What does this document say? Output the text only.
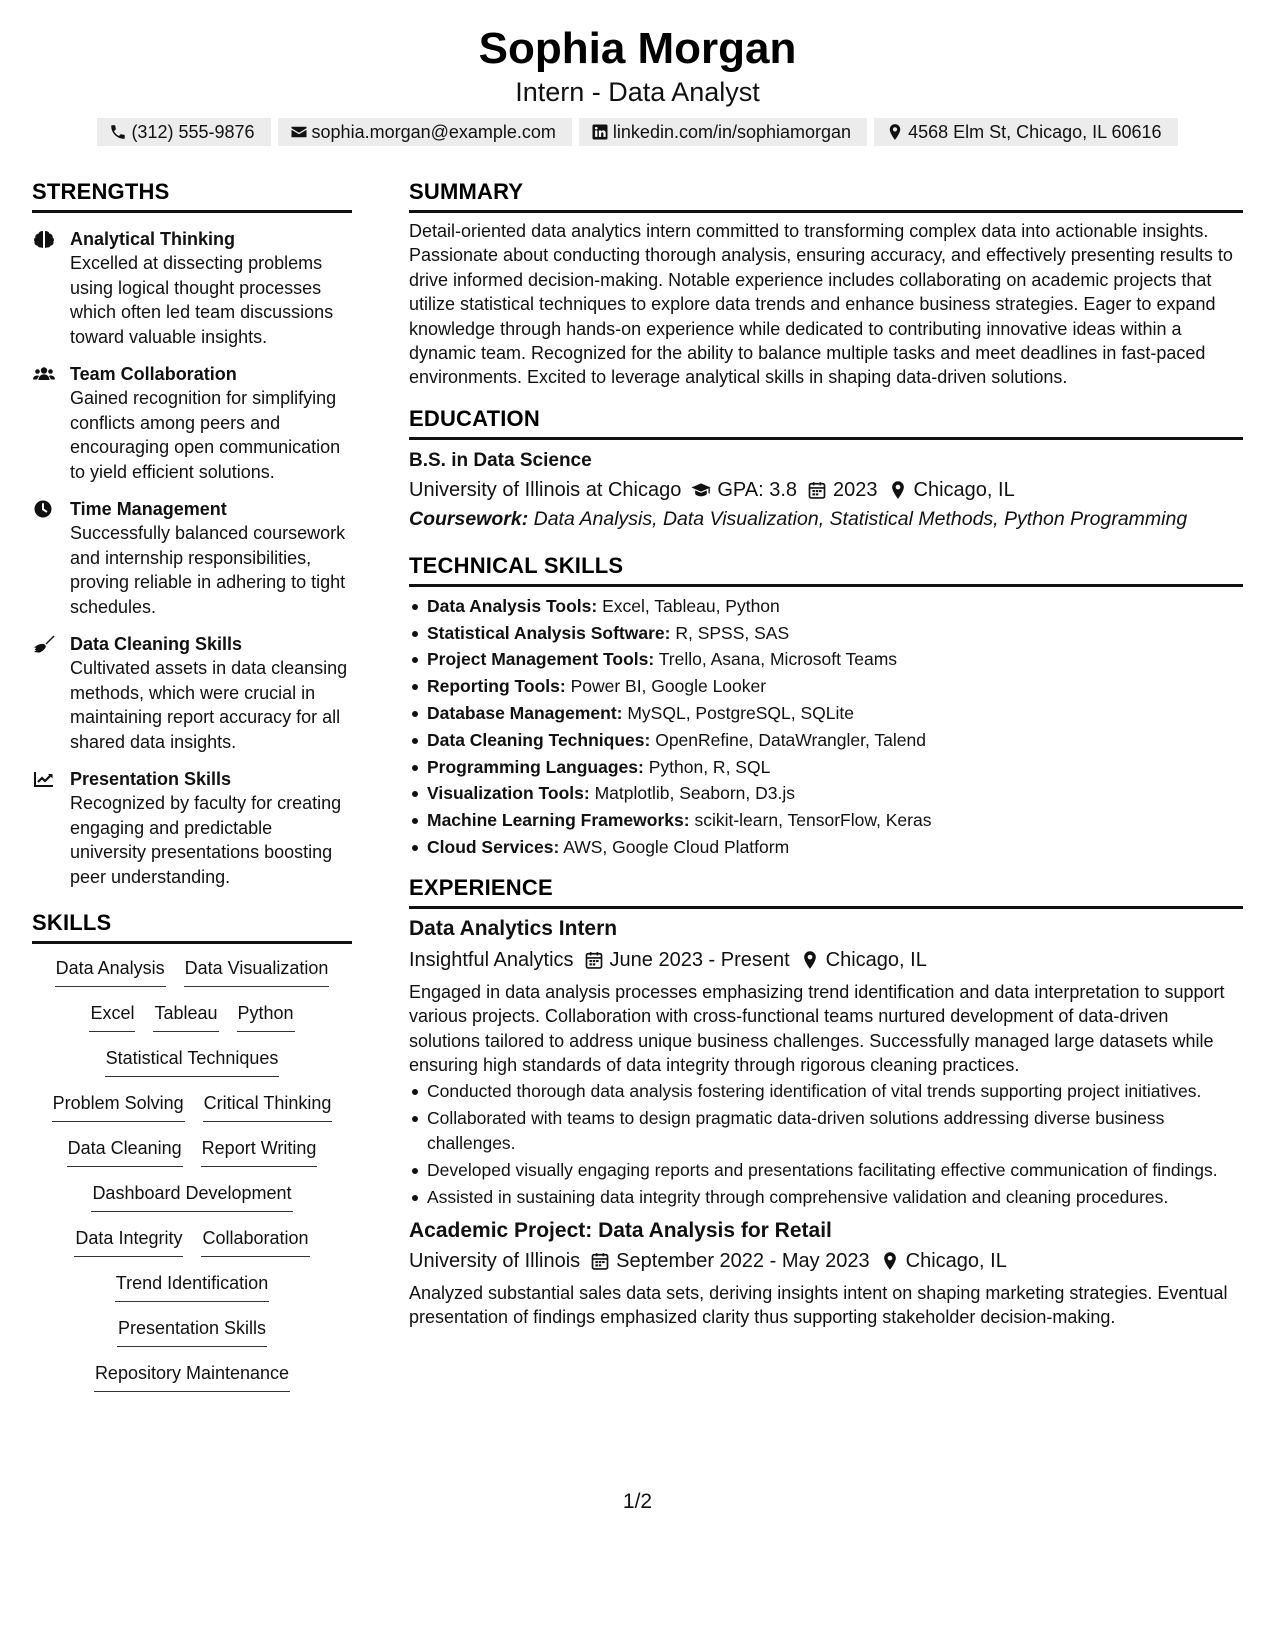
Sophia Morgan
Intern - Data Analyst
(312) 555-9876	sophia.morgan@example.com	linkedin.com/in/sophiamorgan	4568 Elm St, Chicago, IL 60616
STRENGTHS
Analytical Thinking
Excelled at dissecting problems using logical thought processes which often led team discussions toward valuable insights.
Team Collaboration
Gained recognition for simplifying conflicts among peers and encouraging open communication to yield efficient solutions.
Time Management
Successfully balanced coursework and internship responsibilities, proving reliable in adhering to tight schedules.
Data Cleaning Skills
Cultivated assets in data cleansing methods, which were crucial in maintaining report accuracy for all shared data insights.
Presentation Skills
Recognized by faculty for creating engaging and predictable university presentations boosting peer understanding.
SKILLS
Data Analysis Data Visualization
Excel Tableau Python
Statistical Techniques
Problem Solving Critical Thinking
Data Cleaning Report Writing
Dashboard Development
Data Integrity Collaboration
Trend Identification
Presentation Skills
Repository Maintenance
SUMMARY
Detail-oriented data analytics intern committed to transforming complex data into actionable insights. Passionate about conducting thorough analysis, ensuring accuracy, and effectively presenting results to drive informed decision-making. Notable experience includes collaborating on academic projects that utilize statistical techniques to explore data trends and enhance business strategies. Eager to expand knowledge through hands-on experience while dedicated to contributing innovative ideas within a dynamic team. Recognized for the ability to balance multiple tasks and meet deadlines in fast-paced environments. Excited to leverage analytical skills in shaping data-driven solutions.
EDUCATION
B.S. in Data Science
University of Illinois at Chicago GPA: 3.8 2023 Chicago, IL
Coursework: Data Analysis, Data Visualization, Statistical Methods, Python Programming
TECHNICAL SKILLS
Data Analysis Tools: Excel, Tableau, Python
Statistical Analysis Software: R, SPSS, SAS
Project Management Tools: Trello, Asana, Microsoft Teams
Reporting Tools: Power BI, Google Looker
Database Management: MySQL, PostgreSQL, SQLite
Data Cleaning Techniques: OpenRefine, DataWrangler, Talend
Programming Languages: Python, R, SQL
Visualization Tools: Matplotlib, Seaborn, D3.js
Machine Learning Frameworks: scikit-learn, TensorFlow, Keras
Cloud Services: AWS, Google Cloud Platform
EXPERIENCE
Data Analytics Intern
Insightful Analytics June 2023 - Present Chicago, IL
Engaged in data analysis processes emphasizing trend identification and data interpretation to support various projects. Collaboration with cross-functional teams nurtured development of data-driven solutions tailored to address unique business challenges. Successfully managed large datasets while ensuring high standards of data integrity through rigorous cleaning practices.
Conducted thorough data analysis fostering identification of vital trends supporting project initiatives.
Collaborated with teams to design pragmatic data-driven solutions addressing diverse business challenges.
Developed visually engaging reports and presentations facilitating effective communication of findings.
Assisted in sustaining data integrity through comprehensive validation and cleaning procedures.
Academic Project: Data Analysis for Retail
University of Illinois September 2022 - May 2023 Chicago, IL
Analyzed substantial sales data sets, deriving insights intent on shaping marketing strategies. Eventual presentation of findings emphasized clarity thus supporting stakeholder decision-making.
1/2
